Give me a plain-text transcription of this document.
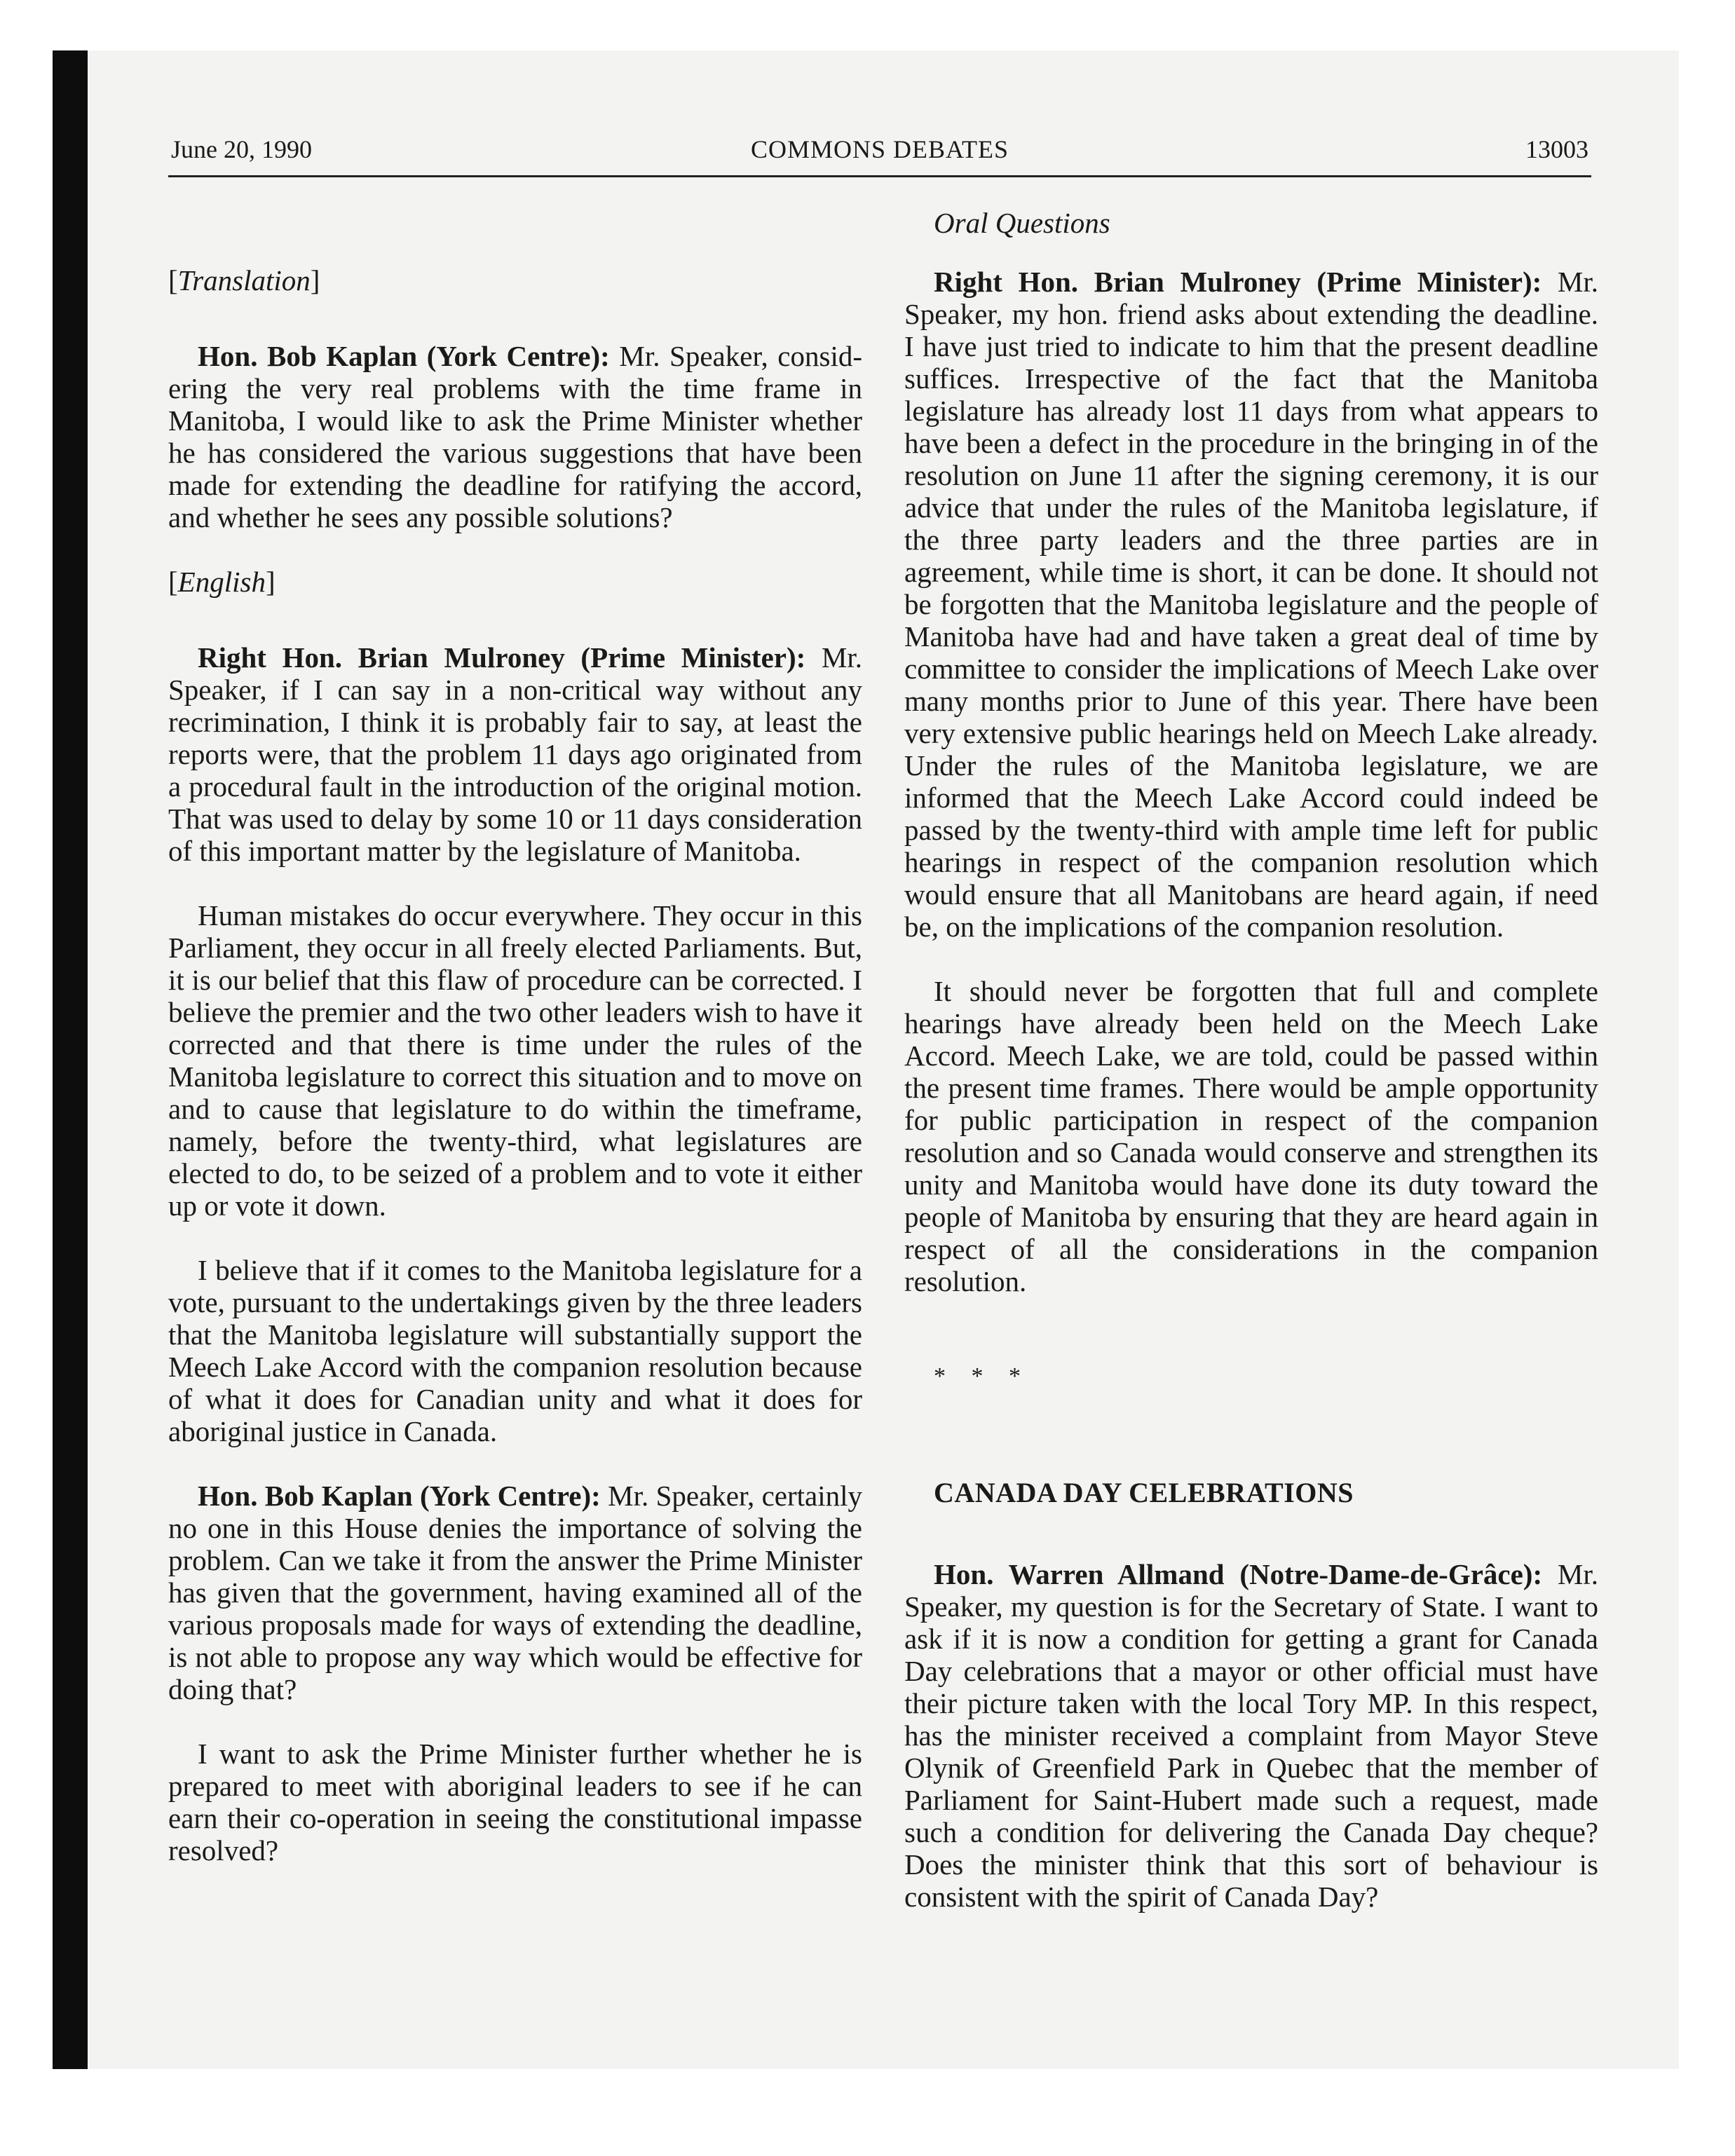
June 20, 1990	COMMONS DEBATES	13003

[Translation]

Hon. Bob Kaplan (York Centre): Mr. Speaker, considering the very real problems with the time frame in Manitoba, I would like to ask the Prime Minister whether he has considered the various suggestions that have been made for extending the deadline for ratifying the accord, and whether he sees any possible solutions?

[English]

Right Hon. Brian Mulroney (Prime Minister): Mr. Speaker, if I can say in a non-critical way without any recrimination, I think it is probably fair to say, at least the reports were, that the problem 11 days ago originated from a procedural fault in the introduction of the original motion. That was used to delay by some 10 or 11 days consideration of this important matter by the legislature of Manitoba.

Human mistakes do occur everywhere. They occur in this Parliament, they occur in all freely elected Parliaments. But, it is our belief that this flaw of procedure can be corrected. I believe the premier and the two other leaders wish to have it corrected and that there is time under the rules of the Manitoba legislature to correct this situation and to move on and to cause that legislature to do within the timeframe, namely, before the twenty-third, what legislatures are elected to do, to be seized of a problem and to vote it either up or vote it down.

I believe that if it comes to the Manitoba legislature for a vote, pursuant to the undertakings given by the three leaders that the Manitoba legislature will substantially support the Meech Lake Accord with the companion resolution because of what it does for Canadian unity and what it does for aboriginal justice in Canada.

Hon. Bob Kaplan (York Centre): Mr. Speaker, certainly no one in this House denies the importance of solving the problem. Can we take it from the answer the Prime Minister has given that the government, having examined all of the various proposals made for ways of extending the deadline, is not able to propose any way which would be effective for doing that?

I want to ask the Prime Minister further whether he is prepared to meet with aboriginal leaders to see if he can earn their co-operation in seeing the constitutional impasse resolved?

Oral Questions

Right Hon. Brian Mulroney (Prime Minister): Mr. Speaker, my hon. friend asks about extending the deadline. I have just tried to indicate to him that the present deadline suffices. Irrespective of the fact that the Manitoba legislature has already lost 11 days from what appears to have been a defect in the procedure in the bringing in of the resolution on June 11 after the signing ceremony, it is our advice that under the rules of the Manitoba legislature, if the three party leaders and the three parties are in agreement, while time is short, it can be done. It should not be forgotten that the Manitoba legislature and the people of Manitoba have had and have taken a great deal of time by committee to consider the implications of Meech Lake over many months prior to June of this year. There have been very extensive public hearings held on Meech Lake already. Under the rules of the Manitoba legislature, we are informed that the Meech Lake Accord could indeed be passed by the twenty-third with ample time left for public hearings in respect of the companion resolution which would ensure that all Manitobans are heard again, if need be, on the implications of the companion resolution.

It should never be forgotten that full and complete hearings have already been held on the Meech Lake Accord. Meech Lake, we are told, could be passed within the present time frames. There would be ample opportunity for public participation in respect of the companion resolution and so Canada would conserve and strengthen its unity and Manitoba would have done its duty toward the people of Manitoba by ensuring that they are heard again in respect of all the considerations in the companion resolution.

* * *

CANADA DAY CELEBRATIONS

Hon. Warren Allmand (Notre-Dame-de-Grâce): Mr. Speaker, my question is for the Secretary of State. I want to ask if it is now a condition for getting a grant for Canada Day celebrations that a mayor or other official must have their picture taken with the local Tory MP. In this respect, has the minister received a complaint from Mayor Steve Olynik of Greenfield Park in Quebec that the member of Parliament for Saint-Hubert made such a request, made such a condition for delivering the Canada Day cheque? Does the minister think that this sort of behaviour is consistent with the spirit of Canada Day?
